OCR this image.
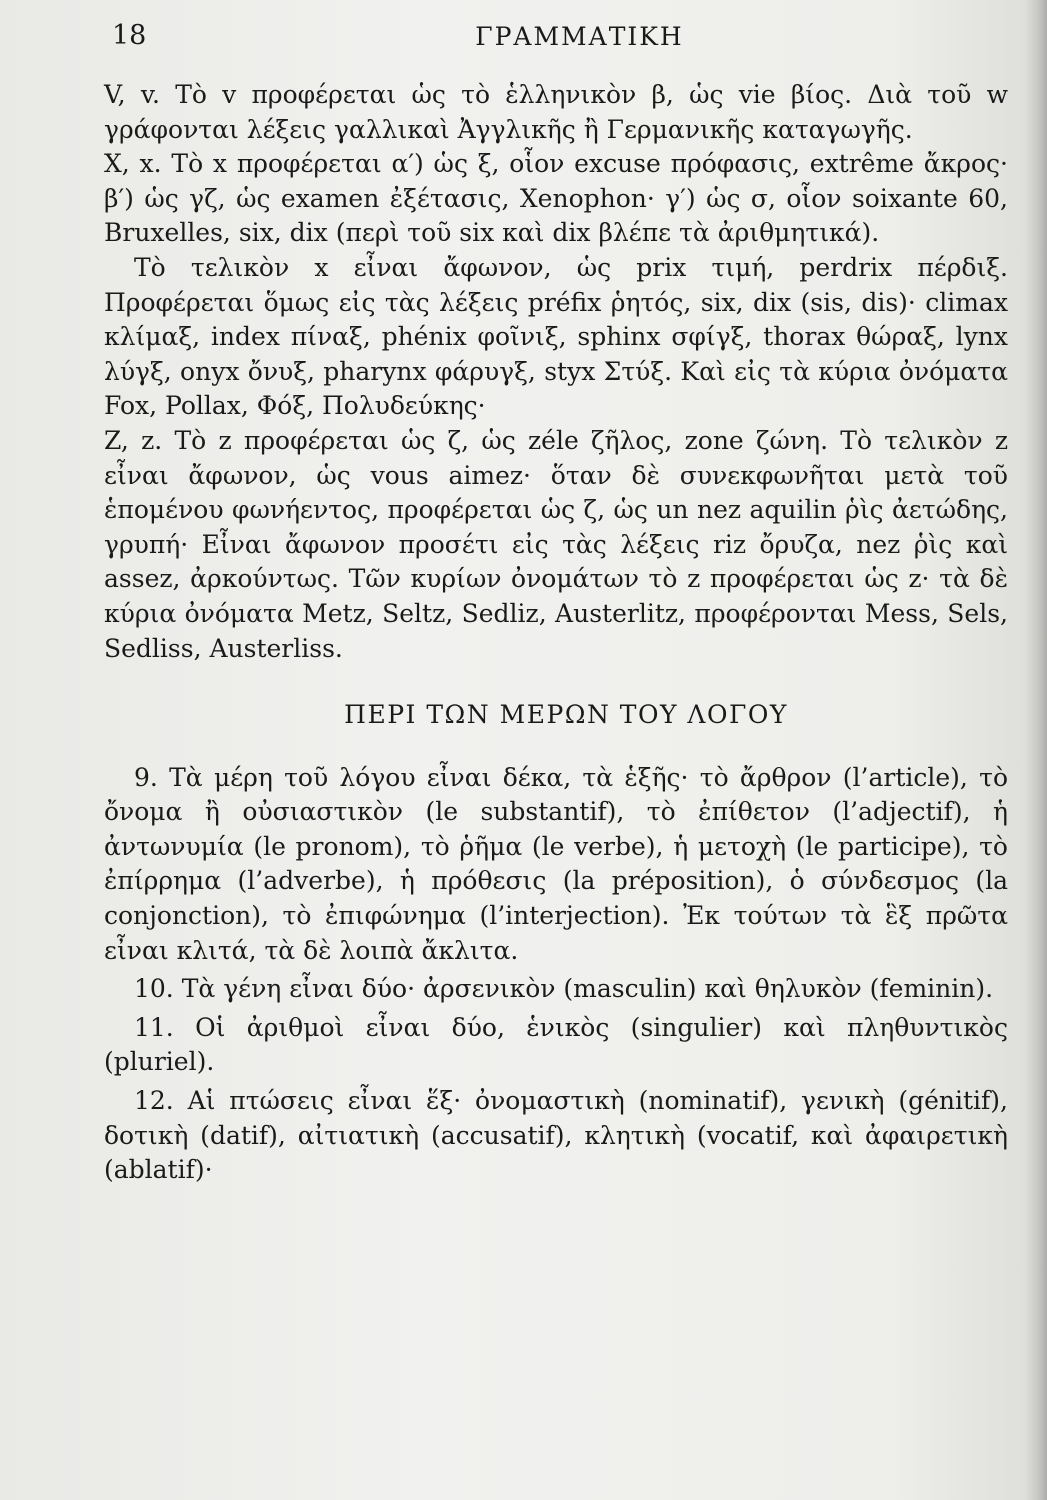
18	ΓΡΑΜΜΑΤΙΚΗ

V, v. Τὸ v προφέρεται ὡς τὸ ἑλληνικὸν β, ὡς vie βίος. Διὰ τοῦ w γράφονται λέξεις γαλλικαὶ Ἀγγλικῆς ἢ Γερμανικῆς καταγωγῆς.

X, x. Τὸ x προφέρεται α′) ὡς ξ, οἷον excuse πρόφασις, extrême ἄκρος· β′) ὡς γζ, ὡς examen ἐξέτασις, Xenophon· γ′) ὡς σ, οἷον soixante 60, Bruxelles, six, dix (περὶ τοῦ six καὶ dix βλέπε τὰ ἀριθμητικά).

Τὸ τελικὸν x εἶναι ἄφωνον, ὡς prix τιμή, perdrix πέρδιξ. Προφέρεται ὅμως εἰς τὰς λέξεις préfix ῥητός, six, dix (sis, dis)· climax κλίμαξ, index πίναξ, phénix φοῖνιξ, sphinx σφίγξ, thorax θώραξ, lynx λύγξ, onyx ὄνυξ, pharynx φάρυγξ, styx Στύξ. Καὶ εἰς τὰ κύρια ὀνόματα Fox, Pollax, Φόξ, Πολυδεύκης·

Z, z. Τὸ z προφέρεται ὡς ζ, ὡς zéle ζῆλος, zone ζώνη. Τὸ τελικὸν z εἶναι ἄφωνον, ὡς vous aimez· ὅταν δὲ συνεκφωνῆται μετὰ τοῦ ἑπομένου φωνήεντος, προφέρεται ὡς ζ, ὡς un nez aquilin ῥὶς ἀετώδης, γρυπή· Εἶναι ἄφωνον προσέτι εἰς τὰς λέξεις riz ὄρυζα, nez ῥὶς καὶ assez, ἀρκούντως. Τῶν κυρίων ὀνομάτων τὸ z προφέρεται ὡς z· τὰ δὲ κύρια ὀνόματα Metz, Seltz, Sedliz, Austerlitz, προφέρονται Mess, Sels, Sedliss, Austerliss.

ΠΕΡΙ ΤΩΝ ΜΕΡΩΝ ΤΟΥ ΛΟΓΟΥ

9. Τὰ μέρη τοῦ λόγου εἶναι δέκα, τὰ ἑξῆς· τὸ ἄρθρον (l’article), τὸ ὄνομα ἢ οὐσιαστικὸν (le substantif), τὸ ἐπίθετον (l’adjectif), ἡ ἀντωνυμία (le pronom), τὸ ῥῆμα (le verbe), ἡ μετοχὴ (le participe), τὸ ἐπίρρημα (l’adverbe), ἡ πρόθεσις (la préposition), ὁ σύνδεσμος (la conjonction), τὸ ἐπιφώνημα (l’interjection). Ἐκ τούτων τὰ ἓξ πρῶτα εἶναι κλιτά, τὰ δὲ λοιπὰ ἄκλιτα.

10. Τὰ γένη εἶναι δύο· ἀρσενικὸν (masculin) καὶ θηλυκὸν (feminin).

11. Οἱ ἀριθμοὶ εἶναι δύο, ἑνικὸς (singulier) καὶ πληθυντικὸς (pluriel).

12. Αἱ πτώσεις εἶναι ἕξ· ὀνομαστικὴ (nominatif), γενικὴ (génitif), δοτικὴ (datif), αἰτιατικὴ (accusatif), κλητικὴ (vocatif, καὶ ἀφαιρετικὴ (ablatif)·
